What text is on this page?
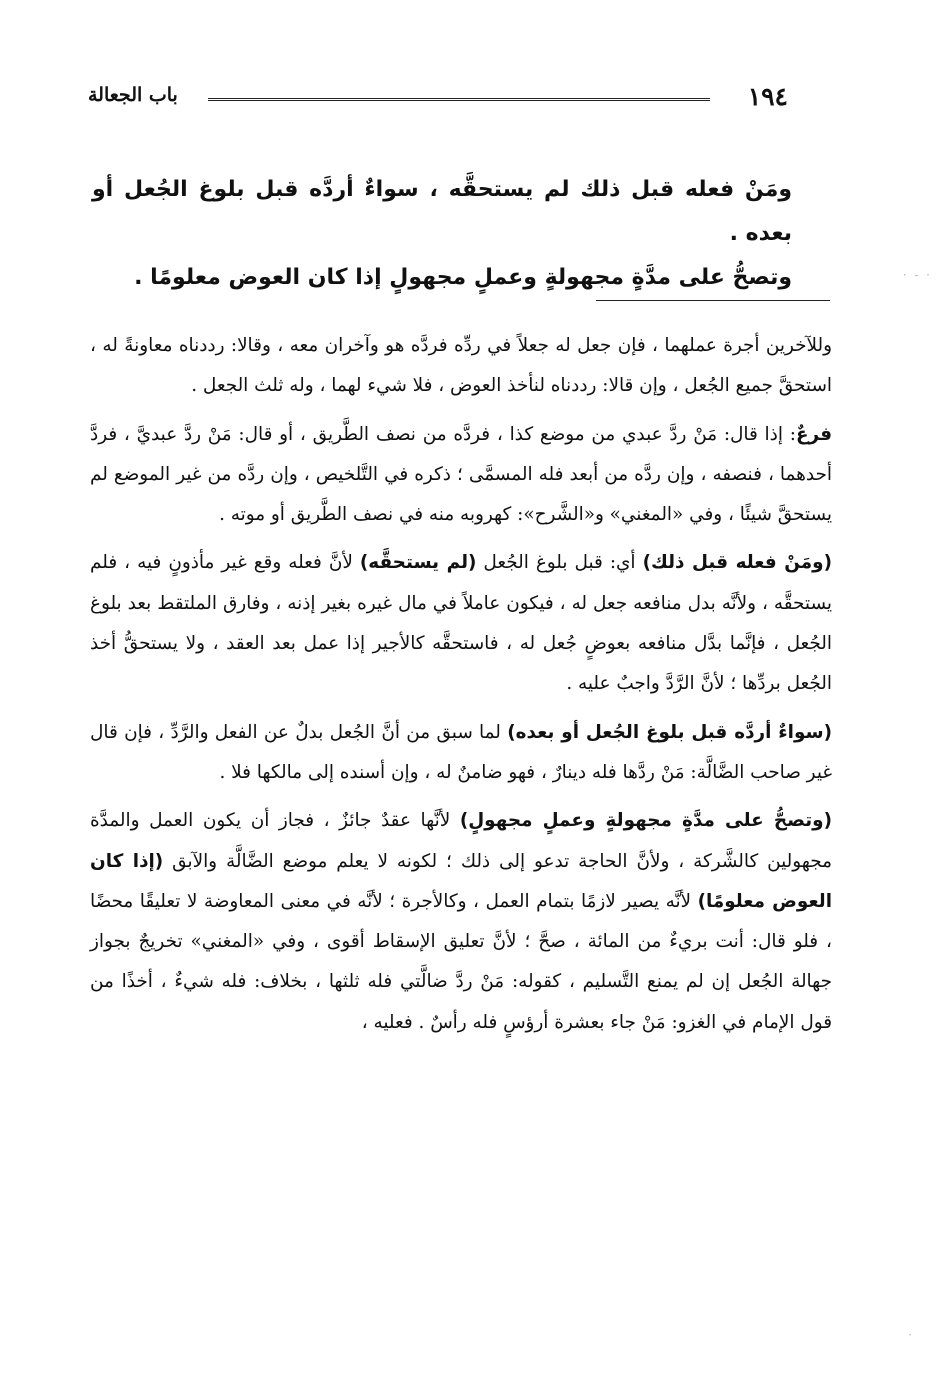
١٩٤
باب الجعالة

ومَنْ فعله قبل ذلك لم يستحقَّه ، سواءٌ أردَّه قبل بلوغ الجُعل أو بعده .

وتصحُّ على مدَّةٍ مجهولةٍ وعملٍ مجهولٍ إذا كان العوض معلومًا .

وللآخرين أجرة عملهما ، فإن جعل له جعلاً في ردِّه فردَّه هو وآخران معه ، وقالا: رددناه معاونةً له ، استحقَّ جميع الجُعل ، وإن قالا: رددناه لنأخذ العوض ، فلا شيء لهما ، وله ثلث الجعل .

فرعٌ: إذا قال: مَنْ ردَّ عبدي من موضع كذا ، فردَّه من نصف الطَّريق ، أو قال: مَنْ ردَّ عبديَّ ، فردَّ أحدهما ، فنصفه ، وإن ردَّه من أبعد فله المسمَّى ؛ ذكره في التَّلخيص ، وإن ردَّه من غير الموضع لم يستحقَّ شيئًا ، وفي «المغني» و«الشَّرح»: كهروبه منه في نصف الطَّريق أو موته .

(ومَنْ فعله قبل ذلك) أي: قبل بلوغ الجُعل (لم يستحقَّه) لأنَّ فعله وقع غير مأذونٍ فيه ، فلم يستحقَّه ، ولأنَّه بدل منافعه جعل له ، فيكون عاملاً في مال غيره بغير إذنه ، وفارق الملتقط بعد بلوغ الجُعل ، فإنَّما بدَّل منافعه بعوضٍ جُعل له ، فاستحقَّه كالأجير إذا عمل بعد العقد ، ولا يستحقُّ أخذ الجُعل بردِّها ؛ لأنَّ الرَّدَّ واجبٌ عليه .

(سواءٌ أردَّه قبل بلوغ الجُعل أو بعده) لما سبق من أنَّ الجُعل بدلٌ عن الفعل والرَّدِّ ، فإن قال غير صاحب الضَّالَّة: مَنْ ردَّها فله دينارٌ ، فهو ضامنٌ له ، وإن أسنده إلى مالكها فلا .

(وتصحُّ على مدَّةٍ مجهولةٍ وعملٍ مجهولٍ) لأنَّها عقدٌ جائزٌ ، فجاز أن يكون العمل والمدَّة مجهولين كالشَّركة ، ولأنَّ الحاجة تدعو إلى ذلك ؛ لكونه لا يعلم موضع الضَّالَّة والآبق (إذا كان العوض معلومًا) لأنَّه يصير لازمًا بتمام العمل ، وكالأجرة ؛ لأنَّه في معنى المعاوضة لا تعليقًا محضًا ، فلو قال: أنت بريءٌ من المائة ، صحَّ ؛ لأنَّ تعليق الإسقاط أقوى ، وفي «المغني» تخريجٌ بجواز جهالة الجُعل إن لم يمنع التَّسليم ، كقوله: مَنْ ردَّ ضالَّتي فله ثلثها ، بخلاف: فله شيءٌ ، أخذًا من قول الإمام في الغزو: مَنْ جاء بعشرة أرؤسٍ فله رأسٌ . فعليه ،

· - ·
·
